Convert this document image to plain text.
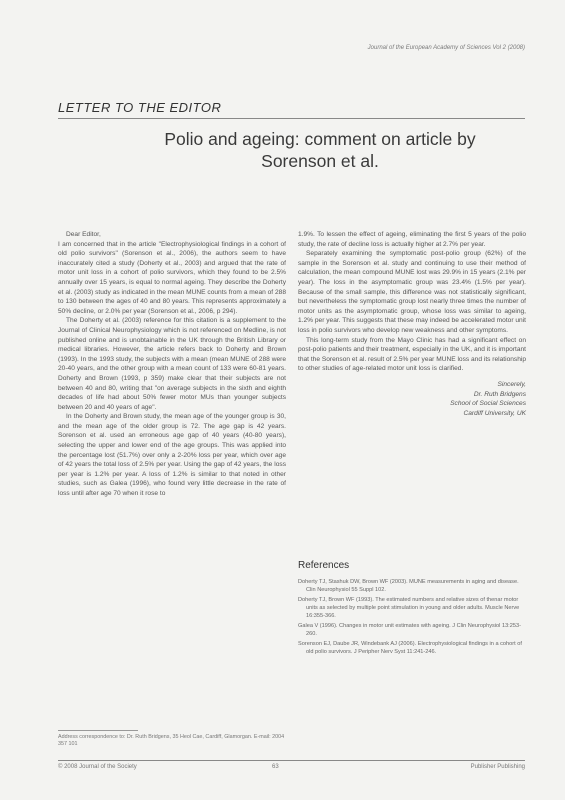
Journal of the European Academy of Sciences Vol 2 (2008)
LETTER TO THE EDITOR
Polio and ageing: comment on article by
Sorenson et al.

Dear Editor,

I am concerned that in the article "Electrophysiological findings in a cohort of old polio survivors" (Sorenson et al., 2006), the authors seem to have inaccurately cited a study (Doherty et al., 2003) and argued that the rate of motor unit loss in a cohort of polio survivors, which they found to be 2.5% annually over 15 years, is equal to normal ageing. They describe the Doherty et al. (2003) study as indicated in the mean MUNE counts from a mean of 288 to 130 between the ages of 40 and 80 years. This represents approximately a 50% decline, or 2.0% per year (Sorenson et al., 2006, p 294).

The Doherty et al. (2003) reference for this citation is a supplement to the Journal of Clinical Neurophysiology which is not referenced on Medline, is not published online and is unobtainable in the UK through the British Library or medical libraries. However, the article refers back to Doherty and Brown (1993). In the 1993 study, the subjects with a mean (mean MUNE of 288 were 20-40 years, and the other group with a mean count of 133 were 60-81 years. Doherty and Brown (1993, p 359) make clear that their subjects are not between 40 and 80, writing that "on average subjects in the sixth and eighth decades of life had about 50% fewer motor MUs than younger subjects between 20 and 40 years of age".

In the Doherty and Brown study, the mean age of the younger group is 30, and the mean age of the older group is 72. The age gap is 42 years. Sorenson et al. used an erroneous age gap of 40 years (40-80 years), selecting the upper and lower end of the age groups. This was applied into the percentage lost (51.7%) over only a 2-20% loss per year, which over age of 42 years the total loss of 2.5% per year. Using the gap of 42 years, the loss per year is 1.2% per year. A loss of 1.2% is similar to that noted in other studies, such as Galea (1996), who found very little decrease in the rate of loss until after age 70 when it rose to

1.9%. To lessen the effect of ageing, eliminating the first 5 years of the polio study, the rate of decline loss is actually higher at 2.7% per year.

Separately examining the symptomatic post-polio group (62%) of the sample in the Sorenson et al. study and continuing to use their method of calculation, the mean compound MUNE lost was 29.9% in 15 years (2.1% per year). The loss in the asymptomatic group was 23.4% (1.5% per year). Because of the small sample, this difference was not statistically significant, but nevertheless the symptomatic group lost nearly three times the number of motor units as the asymptomatic group, whose loss was similar to ageing, 1.2% per year. This suggests that these may indeed be accelerated motor unit loss in polio survivors who develop new weakness and other symptoms.

This long-term study from the Mayo Clinic has had a significant effect on post-polio patients and their treatment, especially in the UK, and it is important that the Sorenson et al. result of 2.5% per year MUNE loss and its relationship to other studies of age-related motor unit loss is clarified.

Sincerely,
Dr. Ruth Bridgens
School of Social Sciences
Cardiff University, UK
References
Doherty TJ, Stashuk DW, Brown WF (2003). MUNE measurements in aging and disease. Clin Neurophysiol 55 Suppl 102.
Doherty TJ, Brown WF (1993). The estimated numbers and relative sizes of thenar motor units as selected by multiple point stimulation in young and older adults. Muscle Nerve 16:355-366.
Galea V (1996). Changes in motor unit estimates with ageing. J Clin Neurophysiol 13:253-260.
Sorenson EJ, Daube JR, Windebank AJ (2006). Electrophysiological findings in a cohort of old polio survivors. J Peripher Nerv Syst 11:241-246.
Address correspondence to: Dr. Ruth Bridgens, 35 Heol Cae, Cardiff, Glamorgan. E-mail: 2004 357 101
© 2008 Journal of the Society	63	Publisher Publishing
